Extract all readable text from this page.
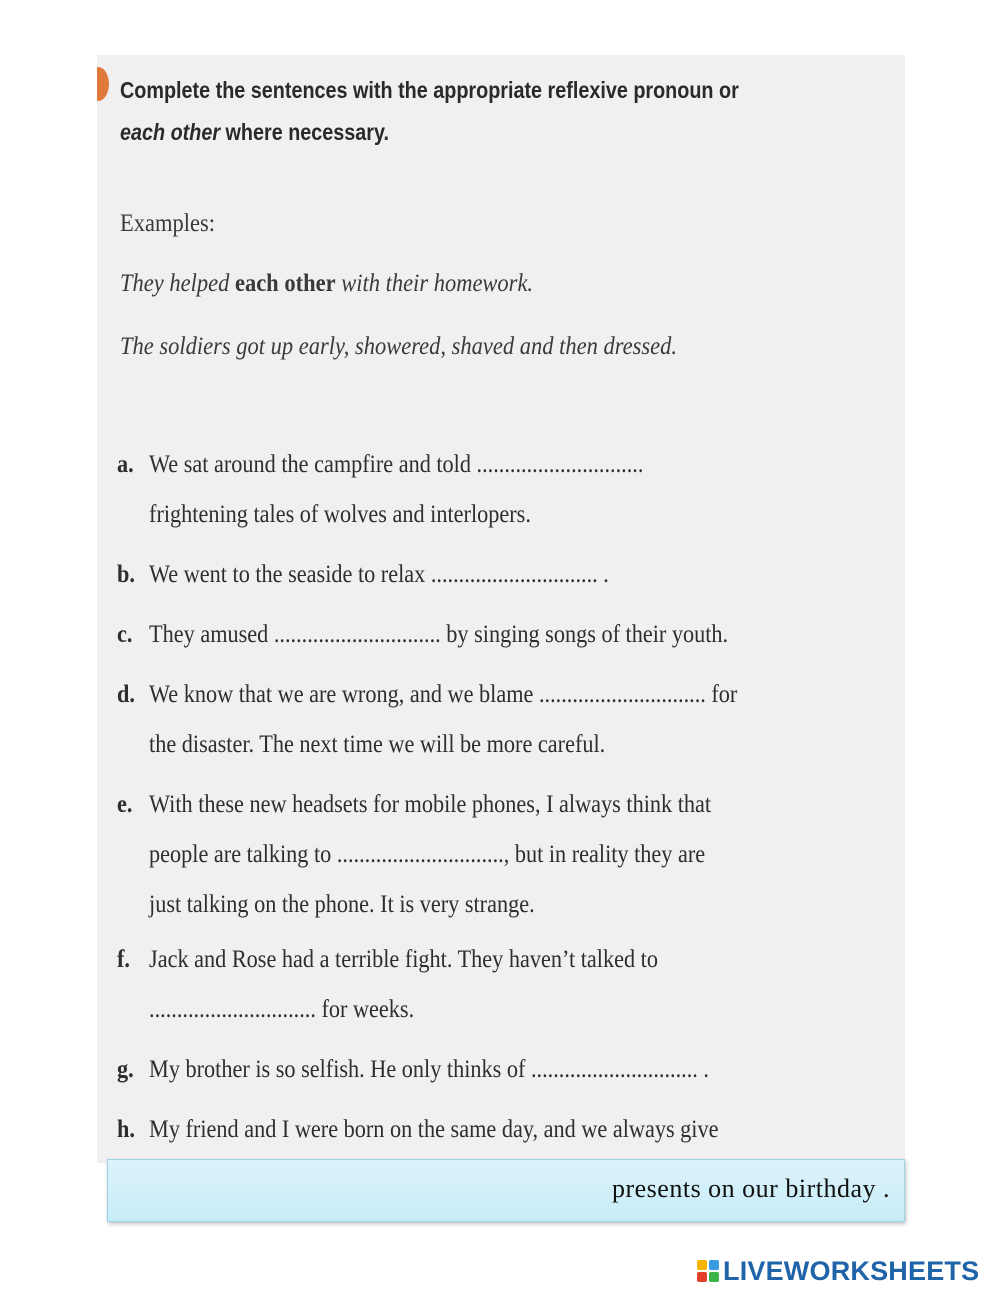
Complete the sentences with the appropriate reflexive pronoun or
each other where necessary.
Examples:
They helped each other with their homework.
The soldiers got up early, showered, shaved and then dressed.
a. We sat around the campfire and told ..............................
frightening tales of wolves and interlopers.
b. We went to the seaside to relax .............................. .
c. They amused .............................. by singing songs of their youth.
d. We know that we are wrong, and we blame .............................. for
the disaster. The next time we will be more careful.
e. With these new headsets for mobile phones, I always think that
people are talking to .............................., but in reality they are
just talking on the phone. It is very strange.
f. Jack and Rose had a terrible fight. They haven’t talked to
.............................. for weeks.
g. My brother is so selfish. He only thinks of .............................. .
h. My friend and I were born on the same day, and we always give
presents on our birthday .
LIVEWORKSHEETS
